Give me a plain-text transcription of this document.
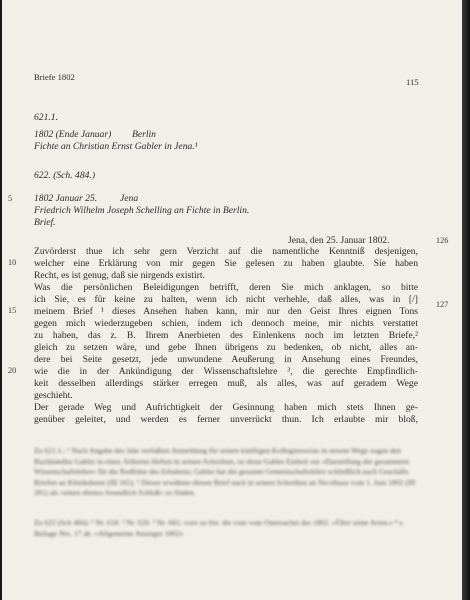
Briefe 1802	115
621.1.
1802 (Ende Januar) Berlin
Fichte an Christian Ernst Gabler in Jena.¹
622. (Sch. 484.)
5 1802 Januar 25. Jena
Friedrich Wilhelm Joseph Schelling an Fichte in Berlin.
Brief.
Jena, den 25. Januar 1802.	126
Zuvörderst thue ich sehr gern Verzicht auf die namentliche Kenntniß desjenigen,
10 welcher eine Erklärung von mir gegen Sie gelesen zu haben glaubte. Sie haben
Recht, es ist genug, daß sie nirgends existirt.
Was die persönlichen Beleidigungen betrifft, deren Sie mich anklagen, so bitte
ich Sie, es für keine zu halten, wenn ich nicht verhehle, daß alles, was in [/]
15 meinem Brief ¹ dieses Ansehen haben kann, mir nur den Geist Ihres eignen Tons
127
gegen mich wiederzugeben schien, indem ich dennoch meine, mir nichts verstattet
zu haben, das z. B. Ihrem Anerbieten des Einlenkens noch im letzten Briefe,²
gleich zu setzen wäre, und gebe Ihnen übrigens zu bedenken, ob nicht, alles an-
dere bei Seite gesetzt, jede unwundene Aeußerung in Ansehung eines Freundes,
20 wie die in der Ankündigung der Wissenschaftslehre ³, die gerechte Empfindlich-
keit desselben allerdings stärker erregen muß, als alles, was auf geradem Wege
geschieht.
Der gerade Weg und Aufrichtigkeit der Gesinnung haben mich stets Ihnen ge-
genüber geleitet, und werden es ferner unverrückt thun. Ich erlaubte mir bloß,
Zu 621.1.: ¹ Nach Angabe des Jahr verfaßten Anmeldung für seinen künftigen Kollegienweise in neuem Wege zogen den Buchhändler Gabler in einer, früheren Heften in seinen Schreiben, ist diese Gabler Einheit zur «Darstellung der gesammten Wissenschaftslehre» für die Redfekte des Erhaltens; Gabler hat die gesamte Gemeinschaftslehre schließlich nach Geschäfts Briefen an Klinikdienst (III 165). ² Dieser erwähnte diesen Brief nach in seinen Schreiben an Nicolhaus vom 1. Juni 1802 (III 281) als «einen ebenso freundlich Schluß» zu finden.
Zu 622 (Sch 484): ¹ Nr. 618. ² Nr. 620. ³ Nr. 602, vorn zu Ser. die vom vom Ostersachst des 1802. «Über seine Arten.» ⁴ s. Beilage Nrs. 17 ab. «Allgemeine Anzeiger 1802»
